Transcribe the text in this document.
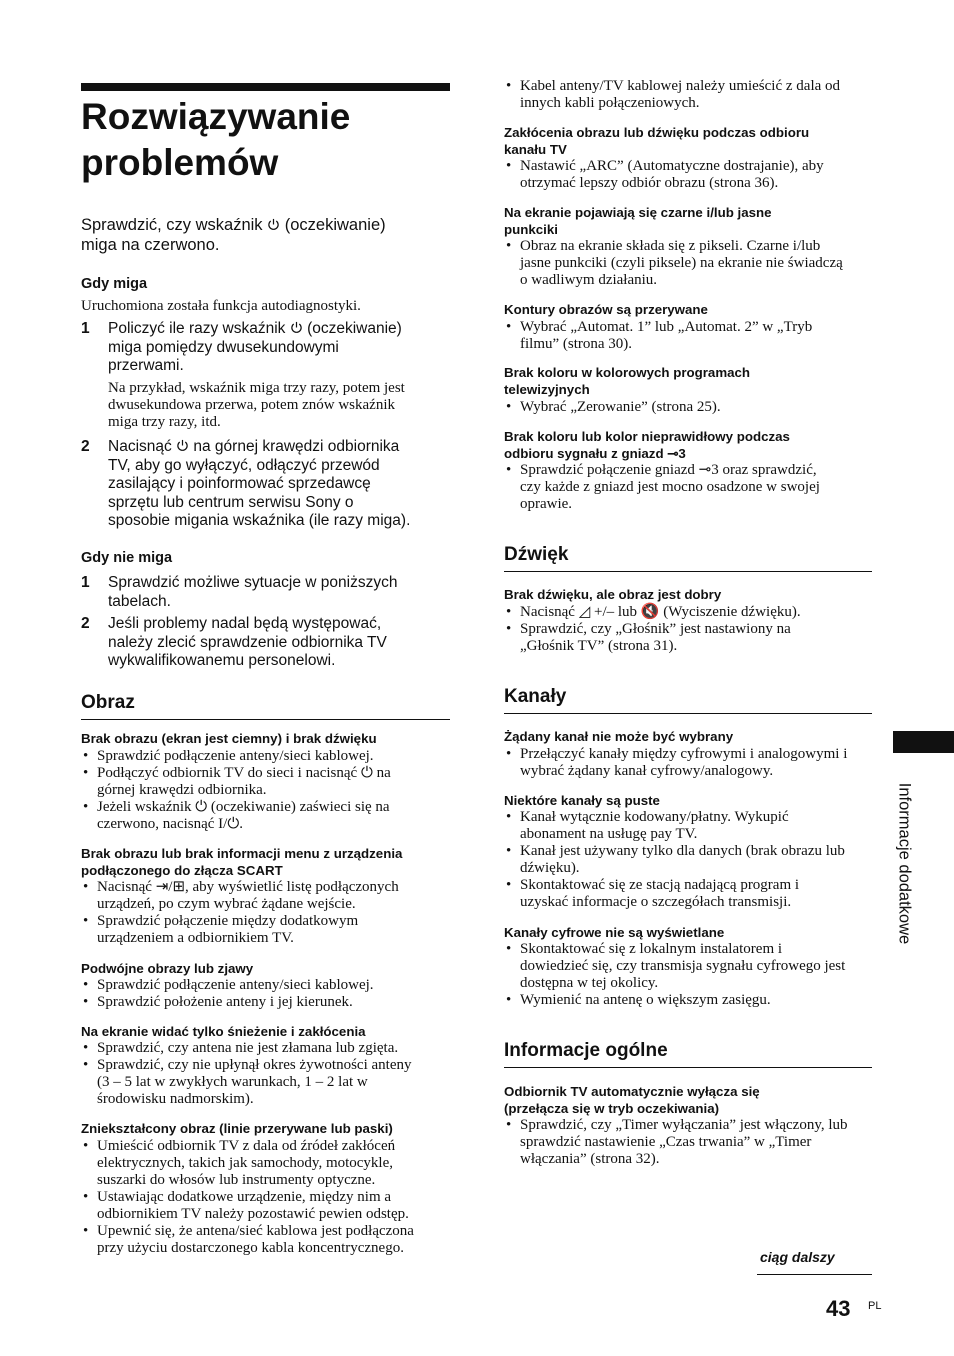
Rozwiązywanie
problemów
Sprawdzić, czy wskaźnik (oczekiwanie)
miga na czerwono.
Gdy miga
Uruchomiona została funkcja autodiagnostyki.
1 Policzyć ile razy wskaźnik (oczekiwanie)
miga pomiędzy dwusekundowymi
przerwami.
Na przykład, wskaźnik miga trzy razy, potem jest
dwusekundowa przerwa, potem znów wskaźnik
miga trzy razy, itd.
2 Nacisnąć na górnej krawędzi odbiornika
TV, aby go wyłączyć, odłączyć przewód
zasilający i poinformować sprzedawcę
sprzętu lub centrum serwisu Sony o
sposobie migania wskaźnika (ile razy miga).
Gdy nie miga
1 Sprawdzić możliwe sytuacje w poniższych
tabelach.
2 Jeśli problemy nadal będą występować,
należy zlecić sprawdzenie odbiornika TV
wykwalifikowanemu personelowi.
Obraz
Brak obrazu (ekran jest ciemny) i brak dźwięku
• Sprawdzić podłączenie anteny/sieci kablowej.
• Podłączyć odbiornik TV do sieci i nacisnąć ⏻ na
górnej krawędzi odbiornika.
• Jeżeli wskaźnik ⏻ (oczekiwanie) zaświeci się na
czerwono, nacisnąć I/⏻.
Brak obrazu lub brak informacji menu z urządzenia
podłączonego do złącza SCART
• Nacisnąć ⇥/⊞, aby wyświetlić listę podłączonych
urządzeń, po czym wybrać żądane wejście.
• Sprawdzić połączenie między dodatkowym
urządzeniem a odbiornikiem TV.
Podwójne obrazy lub zjawy
• Sprawdzić podłączenie anteny/sieci kablowej.
• Sprawdzić położenie anteny i jej kierunek.
Na ekranie widać tylko śnieżenie i zakłócenia
• Sprawdzić, czy antena nie jest złamana lub zgięta.
• Sprawdzić, czy nie upłynął okres żywotności anteny
(3 – 5 lat w zwykłych warunkach, 1 – 2 lat w
środowisku nadmorskim).
Zniekształcony obraz (linie przerywane lub paski)
• Umieścić odbiornik TV z dala od źródeł zakłóceń
elektrycznych, takich jak samochody, motocykle,
suszarki do włosów lub instrumenty optyczne.
• Ustawiając dodatkowe urządzenie, między nim a
odbiornikiem TV należy pozostawić pewien odstęp.
• Upewnić się, że antena/sieć kablowa jest podłączona
przy użyciu dostarczonego kabla koncentrycznego.
• Kabel anteny/TV kablowej należy umieścić z dala od
innych kabli połączeniowych.
Zakłócenia obrazu lub dźwięku podczas odbioru
kanału TV
• Nastawić „ARC” (Automatyczne dostrajanie), aby
otrzymać lepszy odbiór obrazu (strona 36).
Na ekranie pojawiają się czarne i/lub jasne
punkciki
• Obraz na ekranie składa się z pikseli. Czarne i/lub
jasne punkciki (czyli piksele) na ekranie nie świadczą
o wadliwym działaniu.
Kontury obrazów są przerywane
• Wybrać „Automat. 1” lub „Automat. 2” w „Tryb
filmu” (strona 30).
Brak koloru w kolorowych programach
telewizyjnych
• Wybrać „Zerowanie” (strona 25).
Brak koloru lub kolor nieprawidłowy podczas
odbioru sygnału z gniazd ⊸3
• Sprawdzić połączenie gniazd ⊸3 oraz sprawdzić,
czy każde z gniazd jest mocno osadzone w swojej
oprawie.
Dźwięk
Brak dźwięku, ale obraz jest dobry
• Nacisnąć ◿ +/– lub 🔇 (Wyciszenie dźwięku).
• Sprawdzić, czy „Głośnik” jest nastawiony na
„Głośnik TV” (strona 31).
Kanały
Żądany kanał nie może być wybrany
• Przełączyć kanały między cyfrowymi i analogowymi i
wybrać żądany kanał cyfrowy/analogowy.
Niektóre kanały są puste
• Kanał wytącznie kodowany/płatny. Wykupić
abonament na usługę pay TV.
• Kanał jest używany tylko dla danych (brak obrazu lub
dźwięku).
• Skontaktować się ze stacją nadającą program i
uzyskać informacje o szczegółach transmisji.
Kanały cyfrowe nie są wyświetlane
• Skontaktować się z lokalnym instalatorem i
dowiedzieć się, czy transmisja sygnału cyfrowego jest
dostępna w tej okolicy.
• Wymienić na antenę o większym zasięgu.
Informacje ogólne
Odbiornik TV automatycznie wyłącza się
(przełącza się w tryb oczekiwania)
• Sprawdzić, czy „Timer wyłączania” jest włączony, lub
sprawdzić nastawienie „Czas trwania” w „Timer
włączania” (strona 32).
Informacje dodatkowe
ciąg dalszy
43 PL
